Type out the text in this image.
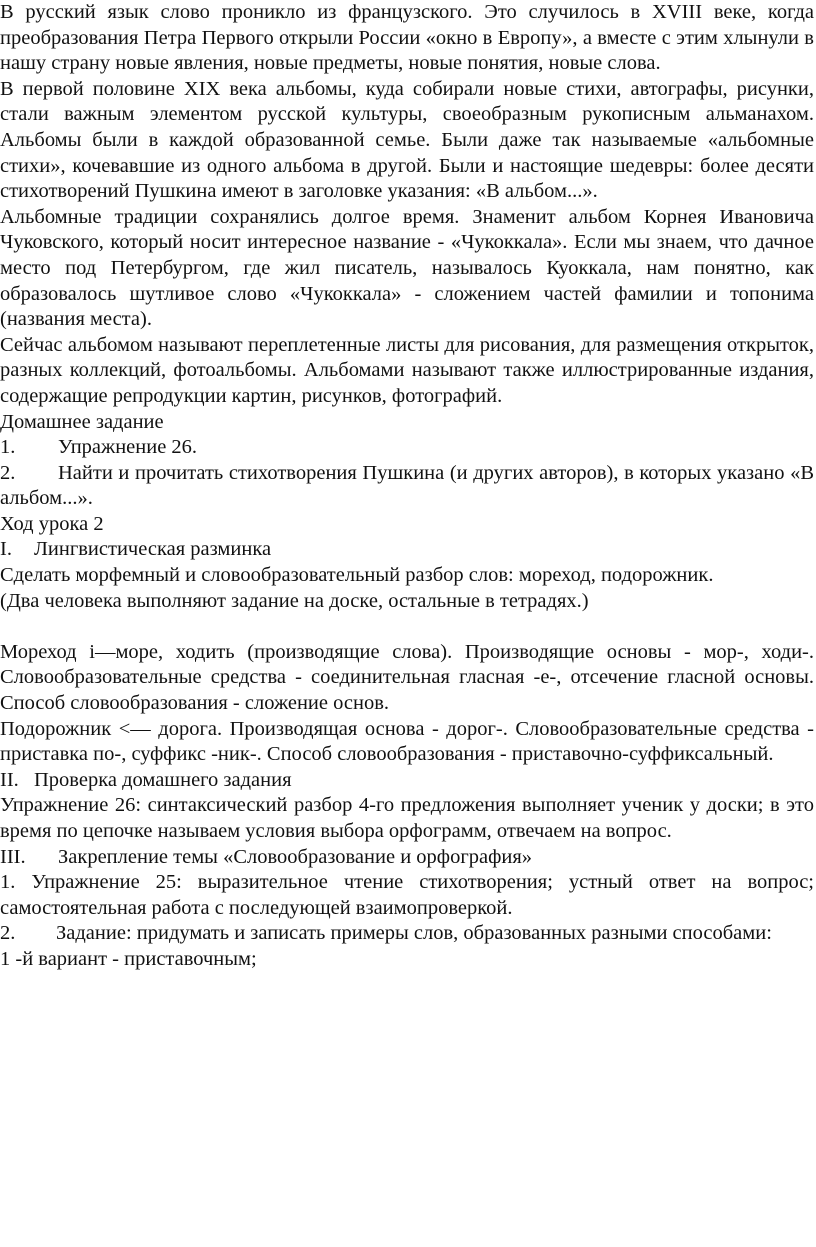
В русский язык слово проникло из французского. Это случилось в XVIII веке, когда преобразования Петра Первого открыли России «окно в Европу», а вместе с этим хлынули в нашу страну новые явления, новые предметы, новые понятия, новые слова.

В первой половине XIX века альбомы, куда собирали новые стихи, автографы, рисунки, стали важным элементом русской культуры, своеобразным рукописным альманахом. Альбомы были в каждой образованной семье. Были даже так называемые «альбомные стихи», кочевавшие из одного альбома в другой. Были и настоящие шедевры: более десяти стихотворений Пушкина имеют в заголовке указания: «В альбом...».

Альбомные традиции сохранялись долгое время. Знаменит альбом Корнея Ивановича Чуковского, который носит интересное название - «Чукоккала». Если мы знаем, что дачное место под Петербургом, где жил писатель, называлось Куоккала, нам понятно, как образовалось шутливое слово «Чукоккала» - сложением частей фамилии и топонима (названия места).

Сейчас альбомом называют переплетенные листы для рисования, для размещения открыток, разных коллекций, фотоальбомы. Альбомами называют также иллюстрированные издания, содержащие репродукции картин, рисунков, фотографий.

Домашнее задание

1. Упражнение 26.

2. Найти и прочитать стихотворения Пушкина (и других авторов), в которых указано «В альбом...».

Ход урока 2

I. Лингвистическая разминка

Сделать морфемный и словообразовательный разбор слов: мореход, подорожник.

(Два человека выполняют задание на доске, остальные в тетрадях.)

Мореход і—море, ходить (производящие слова). Производящие основы - мор-, ходи-. Словообразовательные средства - соединительная гласная -е-, отсечение гласной основы. Способ словообразования - сложение основ.

Подорожник <— дорога. Производящая основа - дорог-. Словообразовательные средства - приставка по-, суффикс -ник-. Способ словообразования - приставочно-суффиксальный.

II. Проверка домашнего задания

Упражнение 26: синтаксический разбор 4-го предложения выполняет ученик у доски; в это время по цепочке называем условия выбора орфограмм, отвечаем на вопрос.

III. Закрепление темы «Словообразование и орфография»

1. Упражнение 25: выразительное чтение стихотворения; устный ответ на вопрос; самостоятельная работа с последующей взаимопроверкой.

2. Задание: придумать и записать примеры слов, образованных разными способами:

1 -й вариант - приставочным;
